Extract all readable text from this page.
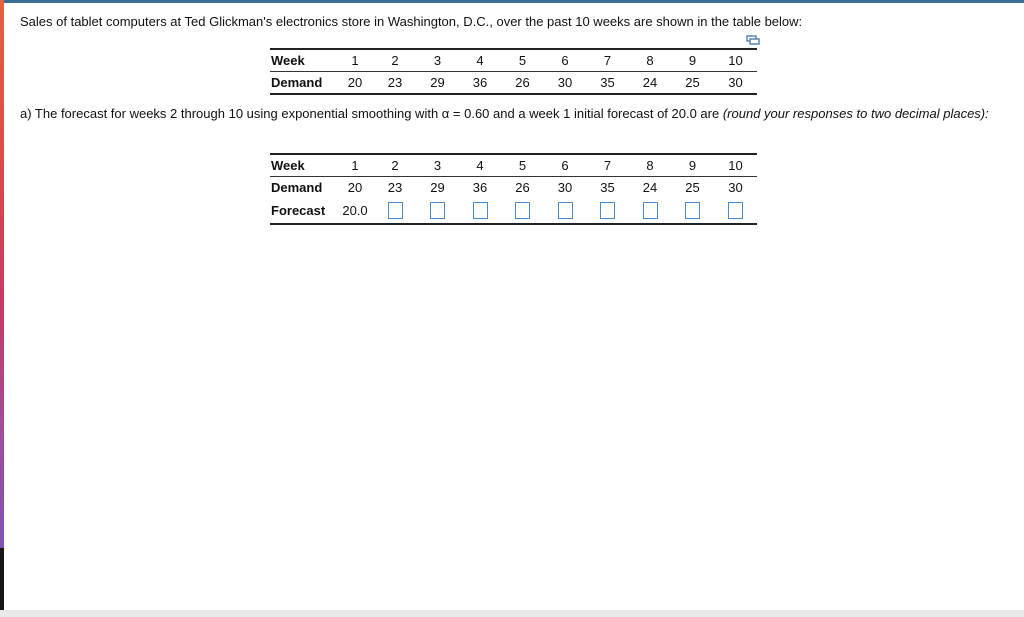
Sales of tablet computers at Ted Glickman's electronics store in Washington, D.C., over the past 10 weeks are shown in the table below:
Week	1	2	3	4	5	6	7	8	9	10
Demand	20	23	29	36	26	30	35	24	25	30
a) The forecast for weeks 2 through 10 using exponential smoothing with α = 0.60 and a week 1 initial forecast of 20.0 are (round your responses to two decimal places):
Week	1	2	3	4	5	6	7	8	9	10
Demand	20	23	29	36	26	30	35	24	25	30
Forecast	20.0									
